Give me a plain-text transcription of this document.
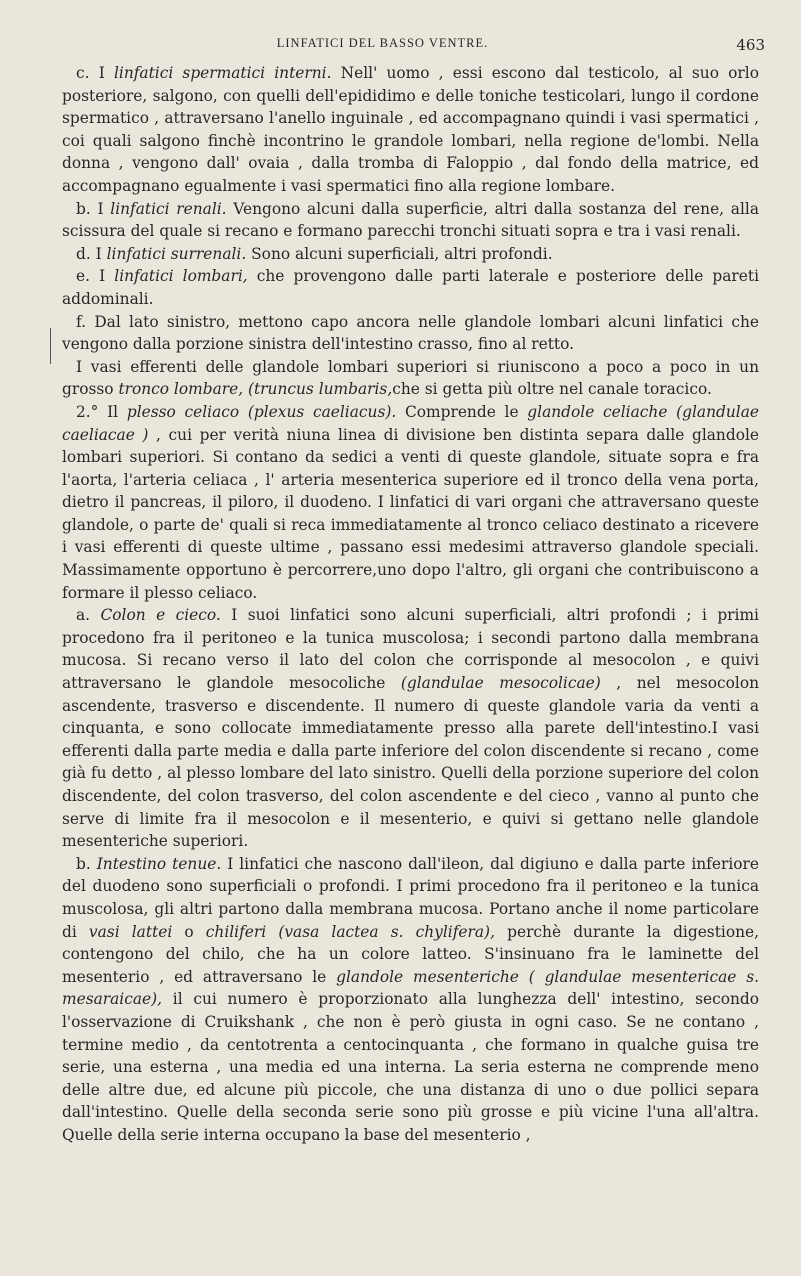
LINFATICI DEL BASSO VENTRE.	463

c. I linfatici spermatici interni. Nell' uomo , essi escono dal testicolo, al suo orlo posteriore, salgono, con quelli dell'epididimo e delle toniche testicolari, lungo il cordone spermatico , attraversano l'anello inguinale , ed accompagnano quindi i vasi spermatici , coi quali salgono finchè incontrino le grandole lombari, nella regione de'lombi. Nella donna , vengono dall' ovaia , dalla tromba di Faloppio , dal fondo della matrice, ed accompagnano egualmente i vasi spermatici fino alla regione lombare.

b. I linfatici renali. Vengono alcuni dalla superficie, altri dalla sostanza del rene, alla scissura del quale si recano e formano parecchi tronchi situati sopra e tra i vasi renali.

d. I linfatici surrenali. Sono alcuni superficiali, altri profondi.

e. I linfatici lombari, che provengono dalle parti laterale e posteriore delle pareti addominali.

f. Dal lato sinistro, mettono capo ancora nelle glandole lombari alcuni linfatici che vengono dalla porzione sinistra dell'intestino crasso, fino al retto.

I vasi efferenti delle glandole lombari superiori si riuniscono a poco a poco in un grosso tronco lombare, (truncus lumbaris,che si getta più oltre nel canale toracico.

2.° Il plesso celiaco (plexus caeliacus). Comprende le glandole celiache (glandulae caeliacae ) , cui per verità niuna linea di divisione ben distinta separa dalle glandole lombari superiori. Si contano da sedici a venti di queste glandole, situate sopra e fra l'aorta, l'arteria celiaca , l' arteria mesenterica superiore ed il tronco della vena porta, dietro il pancreas, il piloro, il duodeno. I linfatici di vari organi che attraversano queste glandole, o parte de' quali si reca immediatamente al tronco celiaco destinato a ricevere i vasi efferenti di queste ultime , passano essi medesimi attraverso glandole speciali. Massimamente opportuno è percorrere,uno dopo l'altro, gli organi che contribuiscono a formare il plesso celiaco.

a. Colon e cieco. I suoi linfatici sono alcuni superficiali, altri profondi ; i primi procedono fra il peritoneo e la tunica muscolosa; i secondi partono dalla membrana mucosa. Si recano verso il lato del colon che corrisponde al mesocolon , e quivi attraversano le glandole mesocoliche (glandulae mesocolicae) , nel mesocolon ascendente, trasverso e discendente. Il numero di queste glandole varia da venti a cinquanta, e sono collocate immediatamente presso alla parete dell'intestino.I vasi efferenti dalla parte media e dalla parte inferiore del colon discendente si recano , come già fu detto , al plesso lombare del lato sinistro. Quelli della porzione superiore del colon discendente, del colon trasverso, del colon ascendente e del cieco , vanno al punto che serve di limite fra il mesocolon e il mesenterio, e quivi si gettano nelle glandole mesenteriche superiori.

b. Intestino tenue. I linfatici che nascono dall'ileon, dal digiuno e dalla parte inferiore del duodeno sono superficiali o profondi. I primi procedono fra il peritoneo e la tunica muscolosa, gli altri partono dalla membrana mucosa. Portano anche il nome particolare di vasi lattei o chiliferi (vasa lactea s. chylifera), perchè durante la digestione, contengono del chilo, che ha un colore latteo. S'insinuano fra le laminette del mesenterio , ed attraversano le glandole mesenteriche ( glandulae mesentericae s. mesaraicae), il cui numero è proporzionato alla lunghezza dell' intestino, secondo l'osservazione di Cruikshank , che non è però giusta in ogni caso. Se ne contano , termine medio , da centotrenta a centocinquanta , che formano in qualche guisa tre serie, una esterna , una media ed una interna. La seria esterna ne comprende meno delle altre due, ed alcune più piccole, che una distanza di uno o due pollici separa dall'intestino. Quelle della seconda serie sono più grosse e più vicine l'una all'altra. Quelle della serie interna occupano la base del mesenterio ,
